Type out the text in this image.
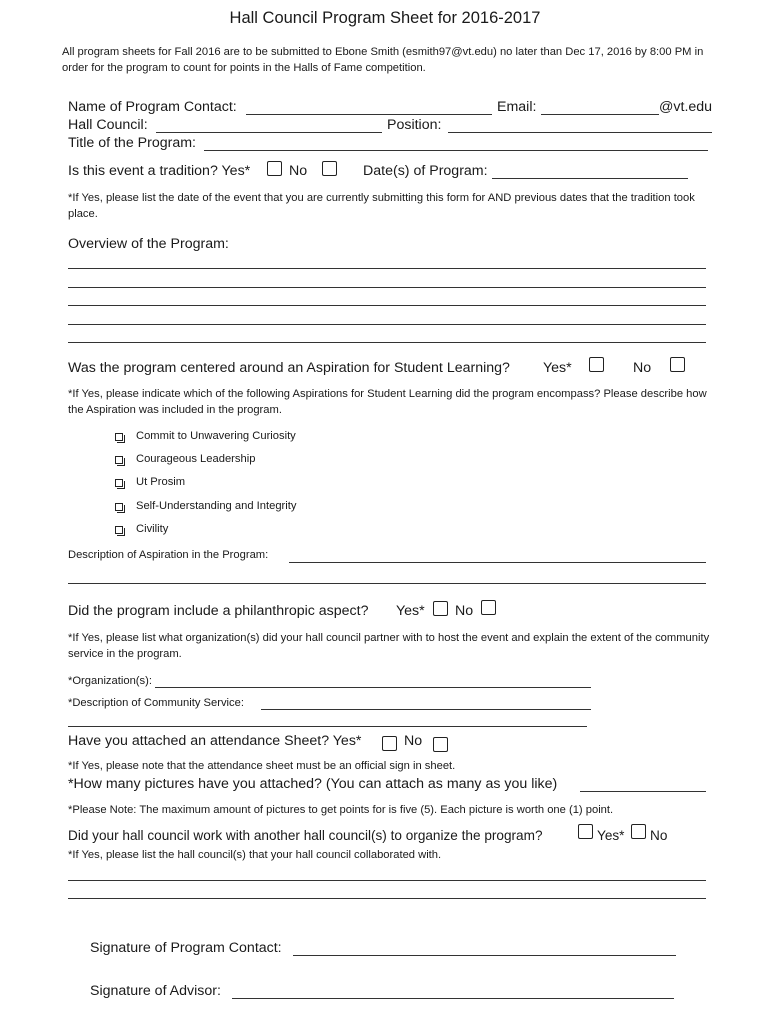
Hall Council Program Sheet for 2016-2017
All program sheets for Fall 2016 are to be submitted to Ebone Smith (esmith97@vt.edu) no later than Dec 17, 2016 by 8:00 PM in order for the program to count for points in the Halls of Fame competition.
Name of Program Contact:	Email:	@vt.edu
Hall Council:	Position:
Title of the Program:
Is this event a tradition? Yes*	No	Date(s) of Program:
*If Yes, please list the date of the event that you are currently submitting this form for AND previous dates that the tradition took place.
Overview of the Program:
Was the program centered around an Aspiration for Student Learning? Yes*	No
*If Yes, please indicate which of the following Aspirations for Student Learning did the program encompass? Please describe how the Aspiration was included in the program.
Commit to Unwavering Curiosity
Courageous Leadership
Ut Prosim
Self-Understanding and Integrity
Civility
Description of Aspiration in the Program:
Did the program include a philanthropic aspect? Yes* No
*If Yes, please list what organization(s) did your hall council partner with to host the event and explain the extent of the community service in the program.
*Organization(s):
*Description of Community Service:
Have you attached an attendance Sheet? Yes*	No
*If Yes, please note that the attendance sheet must be an official sign in sheet.
*How many pictures have you attached? (You can attach as many as you like)
*Please Note: The maximum amount of pictures to get points for is five (5). Each picture is worth one (1) point.
Did your hall council work with another hall council(s) to organize the program?	Yes* No
*If Yes, please list the hall council(s) that your hall council collaborated with.
Signature of Program Contact:
Signature of Advisor:
